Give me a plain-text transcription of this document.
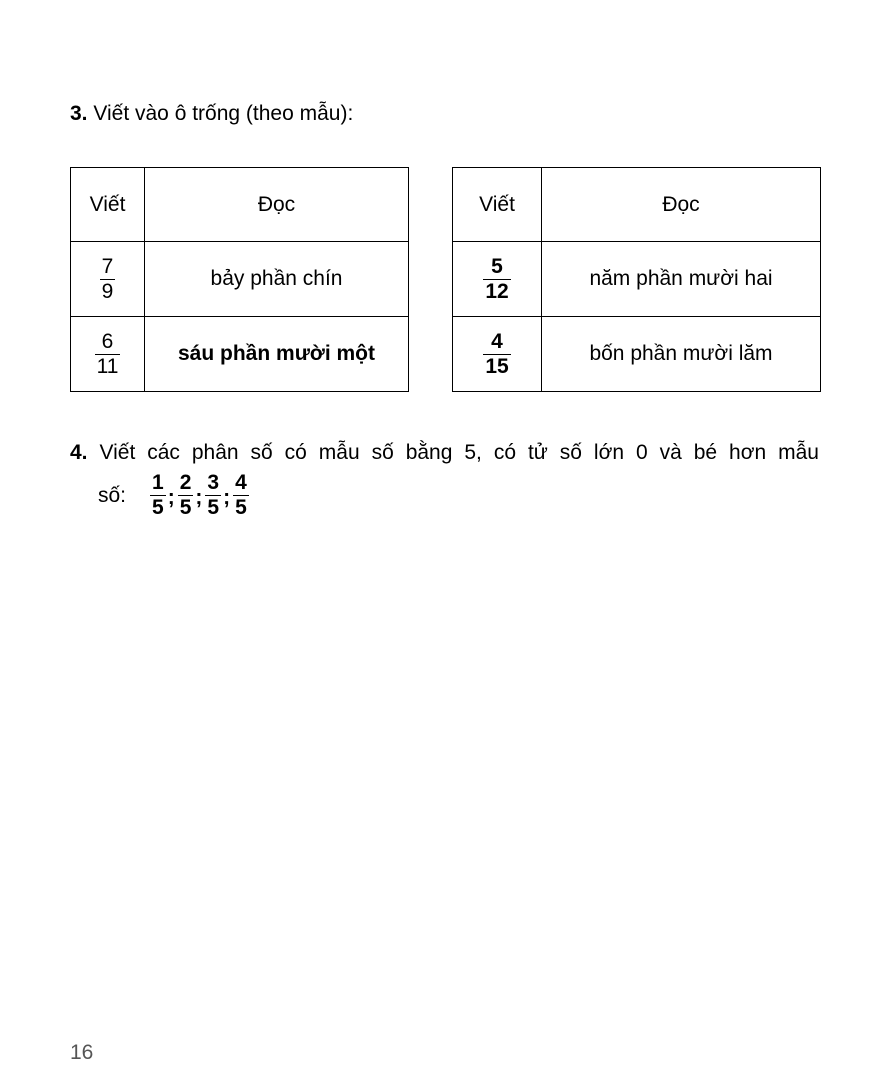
3. Viết vào ô trống (theo mẫu):
Viết	Đọc

$\frac{7}{9}$	bảy phần chín

$\frac{6}{11}$	sáu phần mười một
Viết	Đọc

$\frac{5}{12}$	năm phần mười hai

$\frac{4}{15}$	bốn phần mười lăm
4. Viết các phân số có mẫu số bằng 5, có tử số lớn 0 và bé hơn mẫu
số: $\frac{1}{5}$ ; $\frac{2}{5}$ ; $\frac{3}{5}$ ; $\frac{4}{5}$
16
